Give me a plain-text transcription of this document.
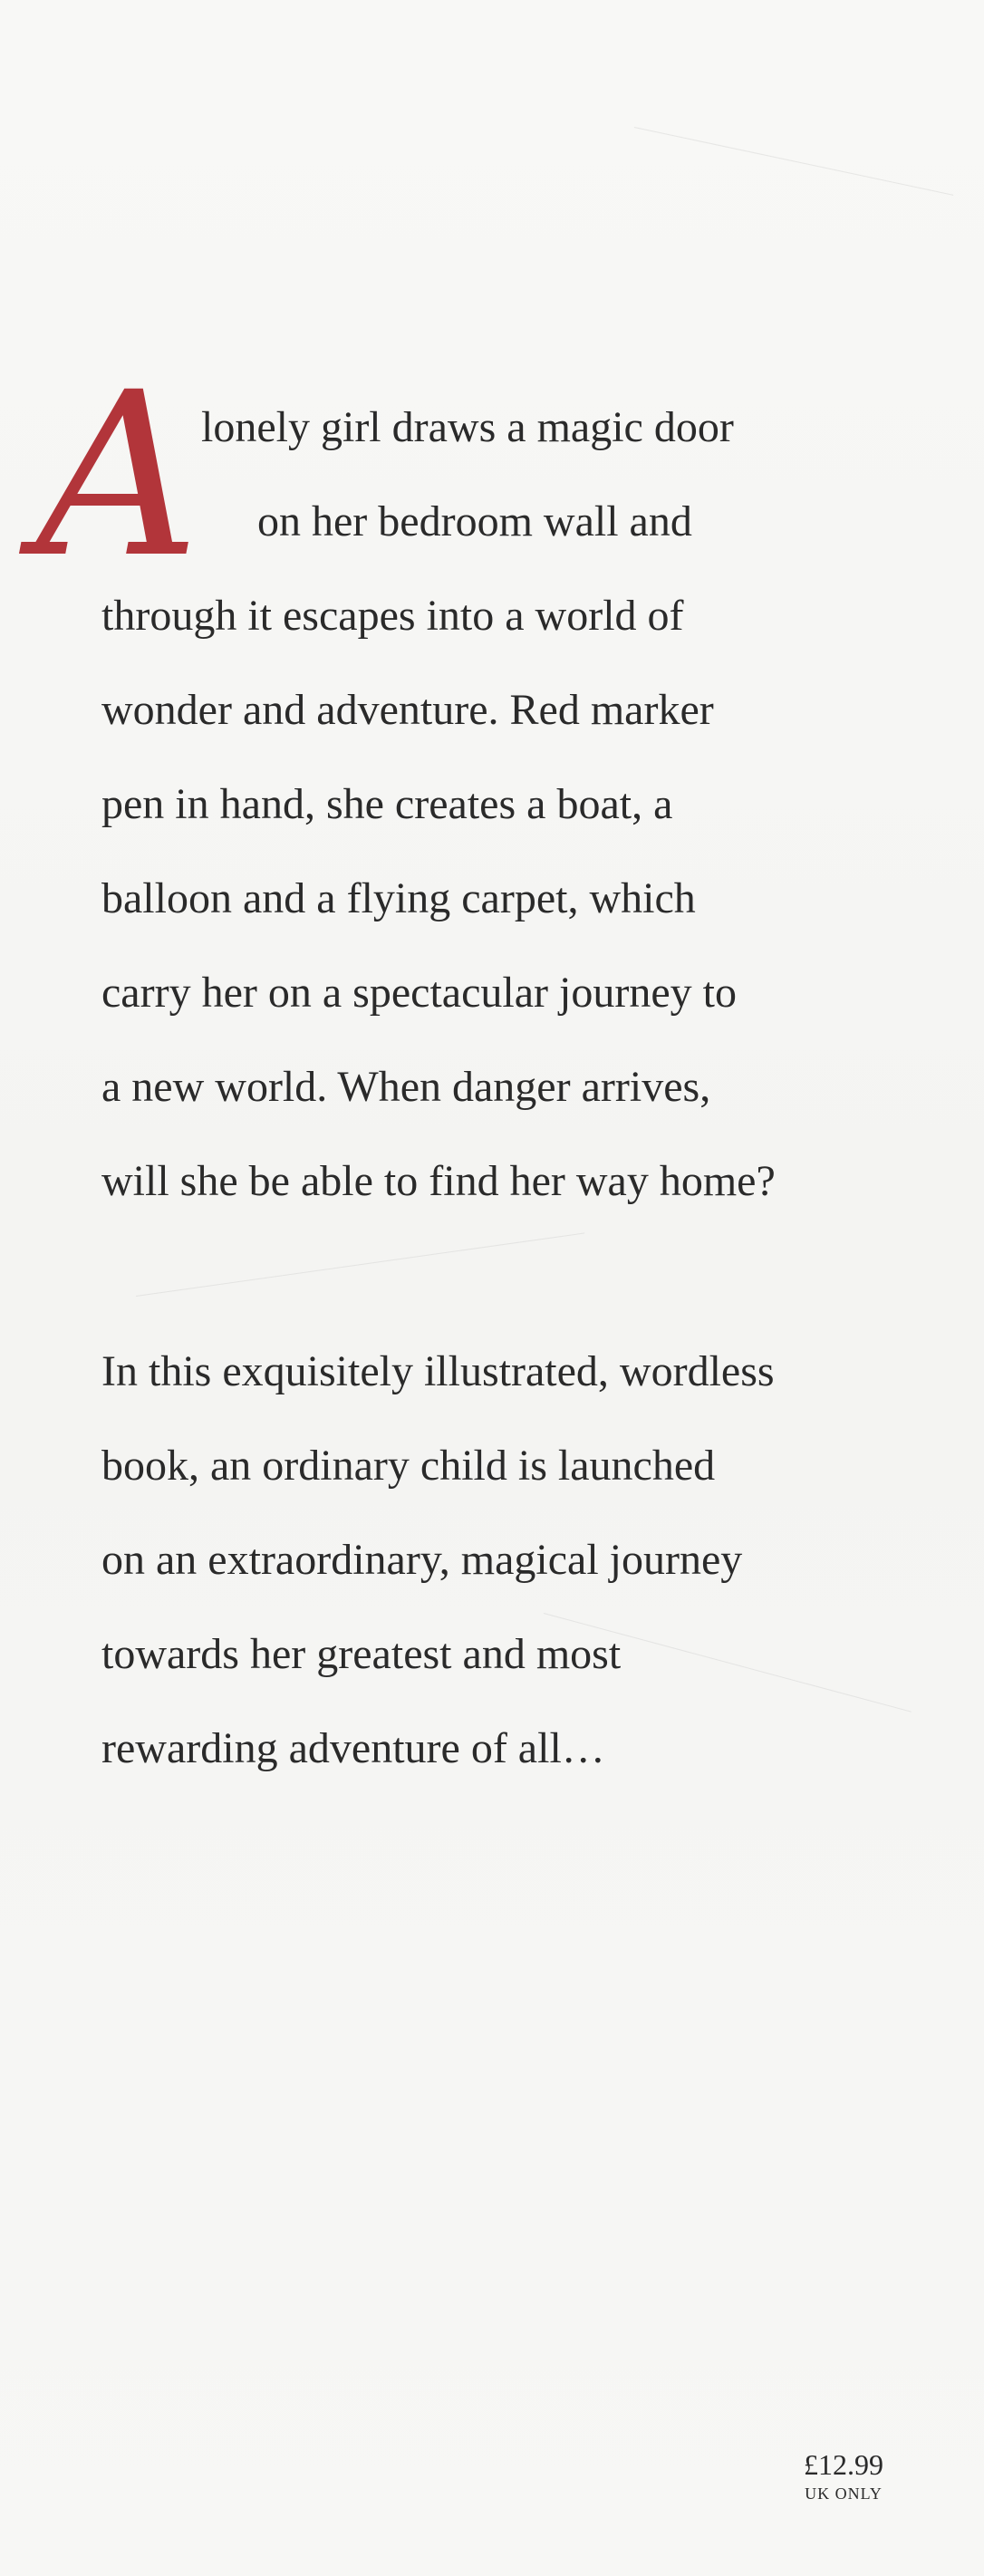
A lonely girl draws a magic door
on her bedroom wall and
through it escapes into a world of
wonder and adventure. Red marker
pen in hand, she creates a boat, a
balloon and a flying carpet, which
carry her on a spectacular journey to
a new world. When danger arrives,
will she be able to find her way home?
In this exquisitely illustrated, wordless
book, an ordinary child is launched
on an extraordinary, magical journey
towards her greatest and most
rewarding adventure of all…
£12.99
UK ONLY
